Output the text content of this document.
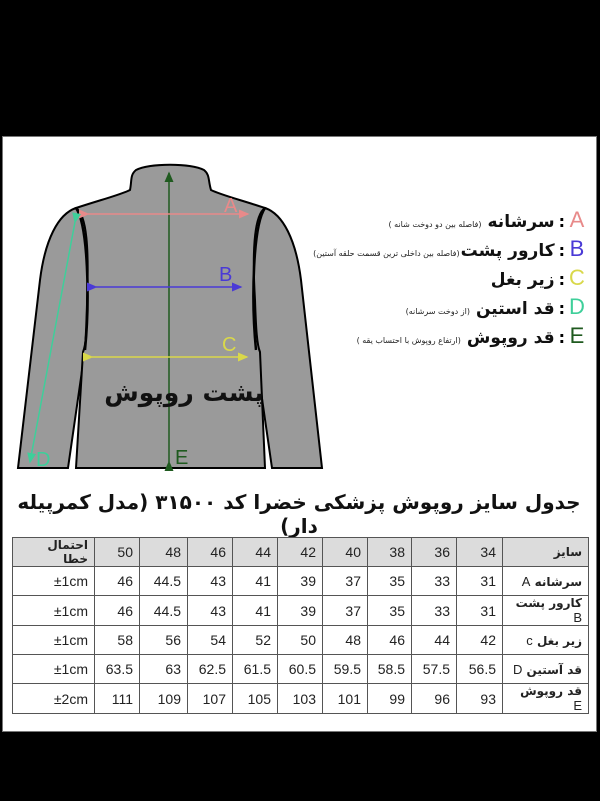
A
B
C
D	E
پشت روپوش
A
:
سرشانه
(فاصله بین دو دوخت شانه )
B
:
کارور پشت
(فاصله بین داخلی ترین قسمت حلقه آستین)
C
:
زیر بغل
D
:
قد استین
(از دوخت سرشانه)
E
:
قد روپوش
(ارتفاع روپوش با احتساب یقه )
جدول سایز روپوش پزشکی خضرا کد ۳۱۵۰۰ (مدل کمرپیله دار)
احتمال خطا	50	48	46	44	42	40	38	36	34	سایز
±1cm	46	44.5	43	41	39	37	35	33	31	سرشانه A
±1cm	46	44.5	43	41	39	37	35	33	31	کارور پشت B
±1cm	58	56	54	52	50	48	46	44	42	زیر بغل c
±1cm	63.5	63	62.5	61.5	60.5	59.5	58.5	57.5	56.5	قد آستین D
±2cm	111	109	107	105	103	101	99	96	93	قد روپوش E
